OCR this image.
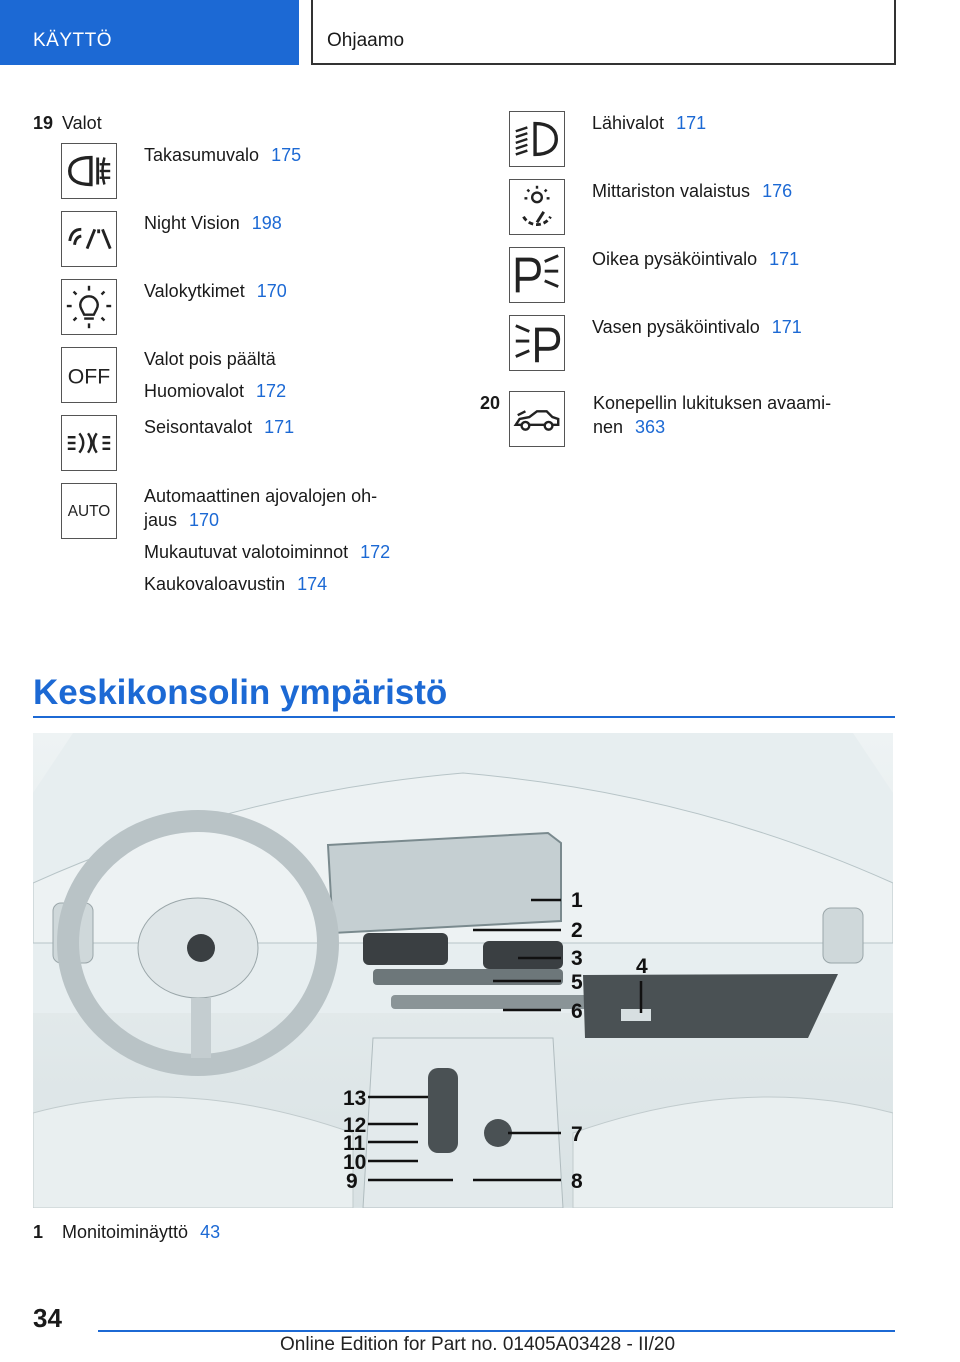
KÄYTTÖ	Ohjaamo
19 Valot
Takasumuvalo 175
Night Vision 198
Valokytkimet 170
OFF
Valot pois päältä
Huomiovalot 172
Seisontavalot 171
AUTO
Automaattinen ajovalojen oh-
jaus 170
Mukautuvat valotoiminnot 172
Kaukovaloavustin 174
Lähivalot 171
Mittariston valaistus 176
Oikea pysäköintivalo 171
Vasen pysäköintivalo 171
20	Konepellin lukituksen avaami-
nen 363
Keskikonsolin ympäristö
1
2
3	4
5
6
7
8
9
10
11
12
13
1 Monitoiminäyttö 43
34
Online Edition for Part no. 01405A03428 - II/20
